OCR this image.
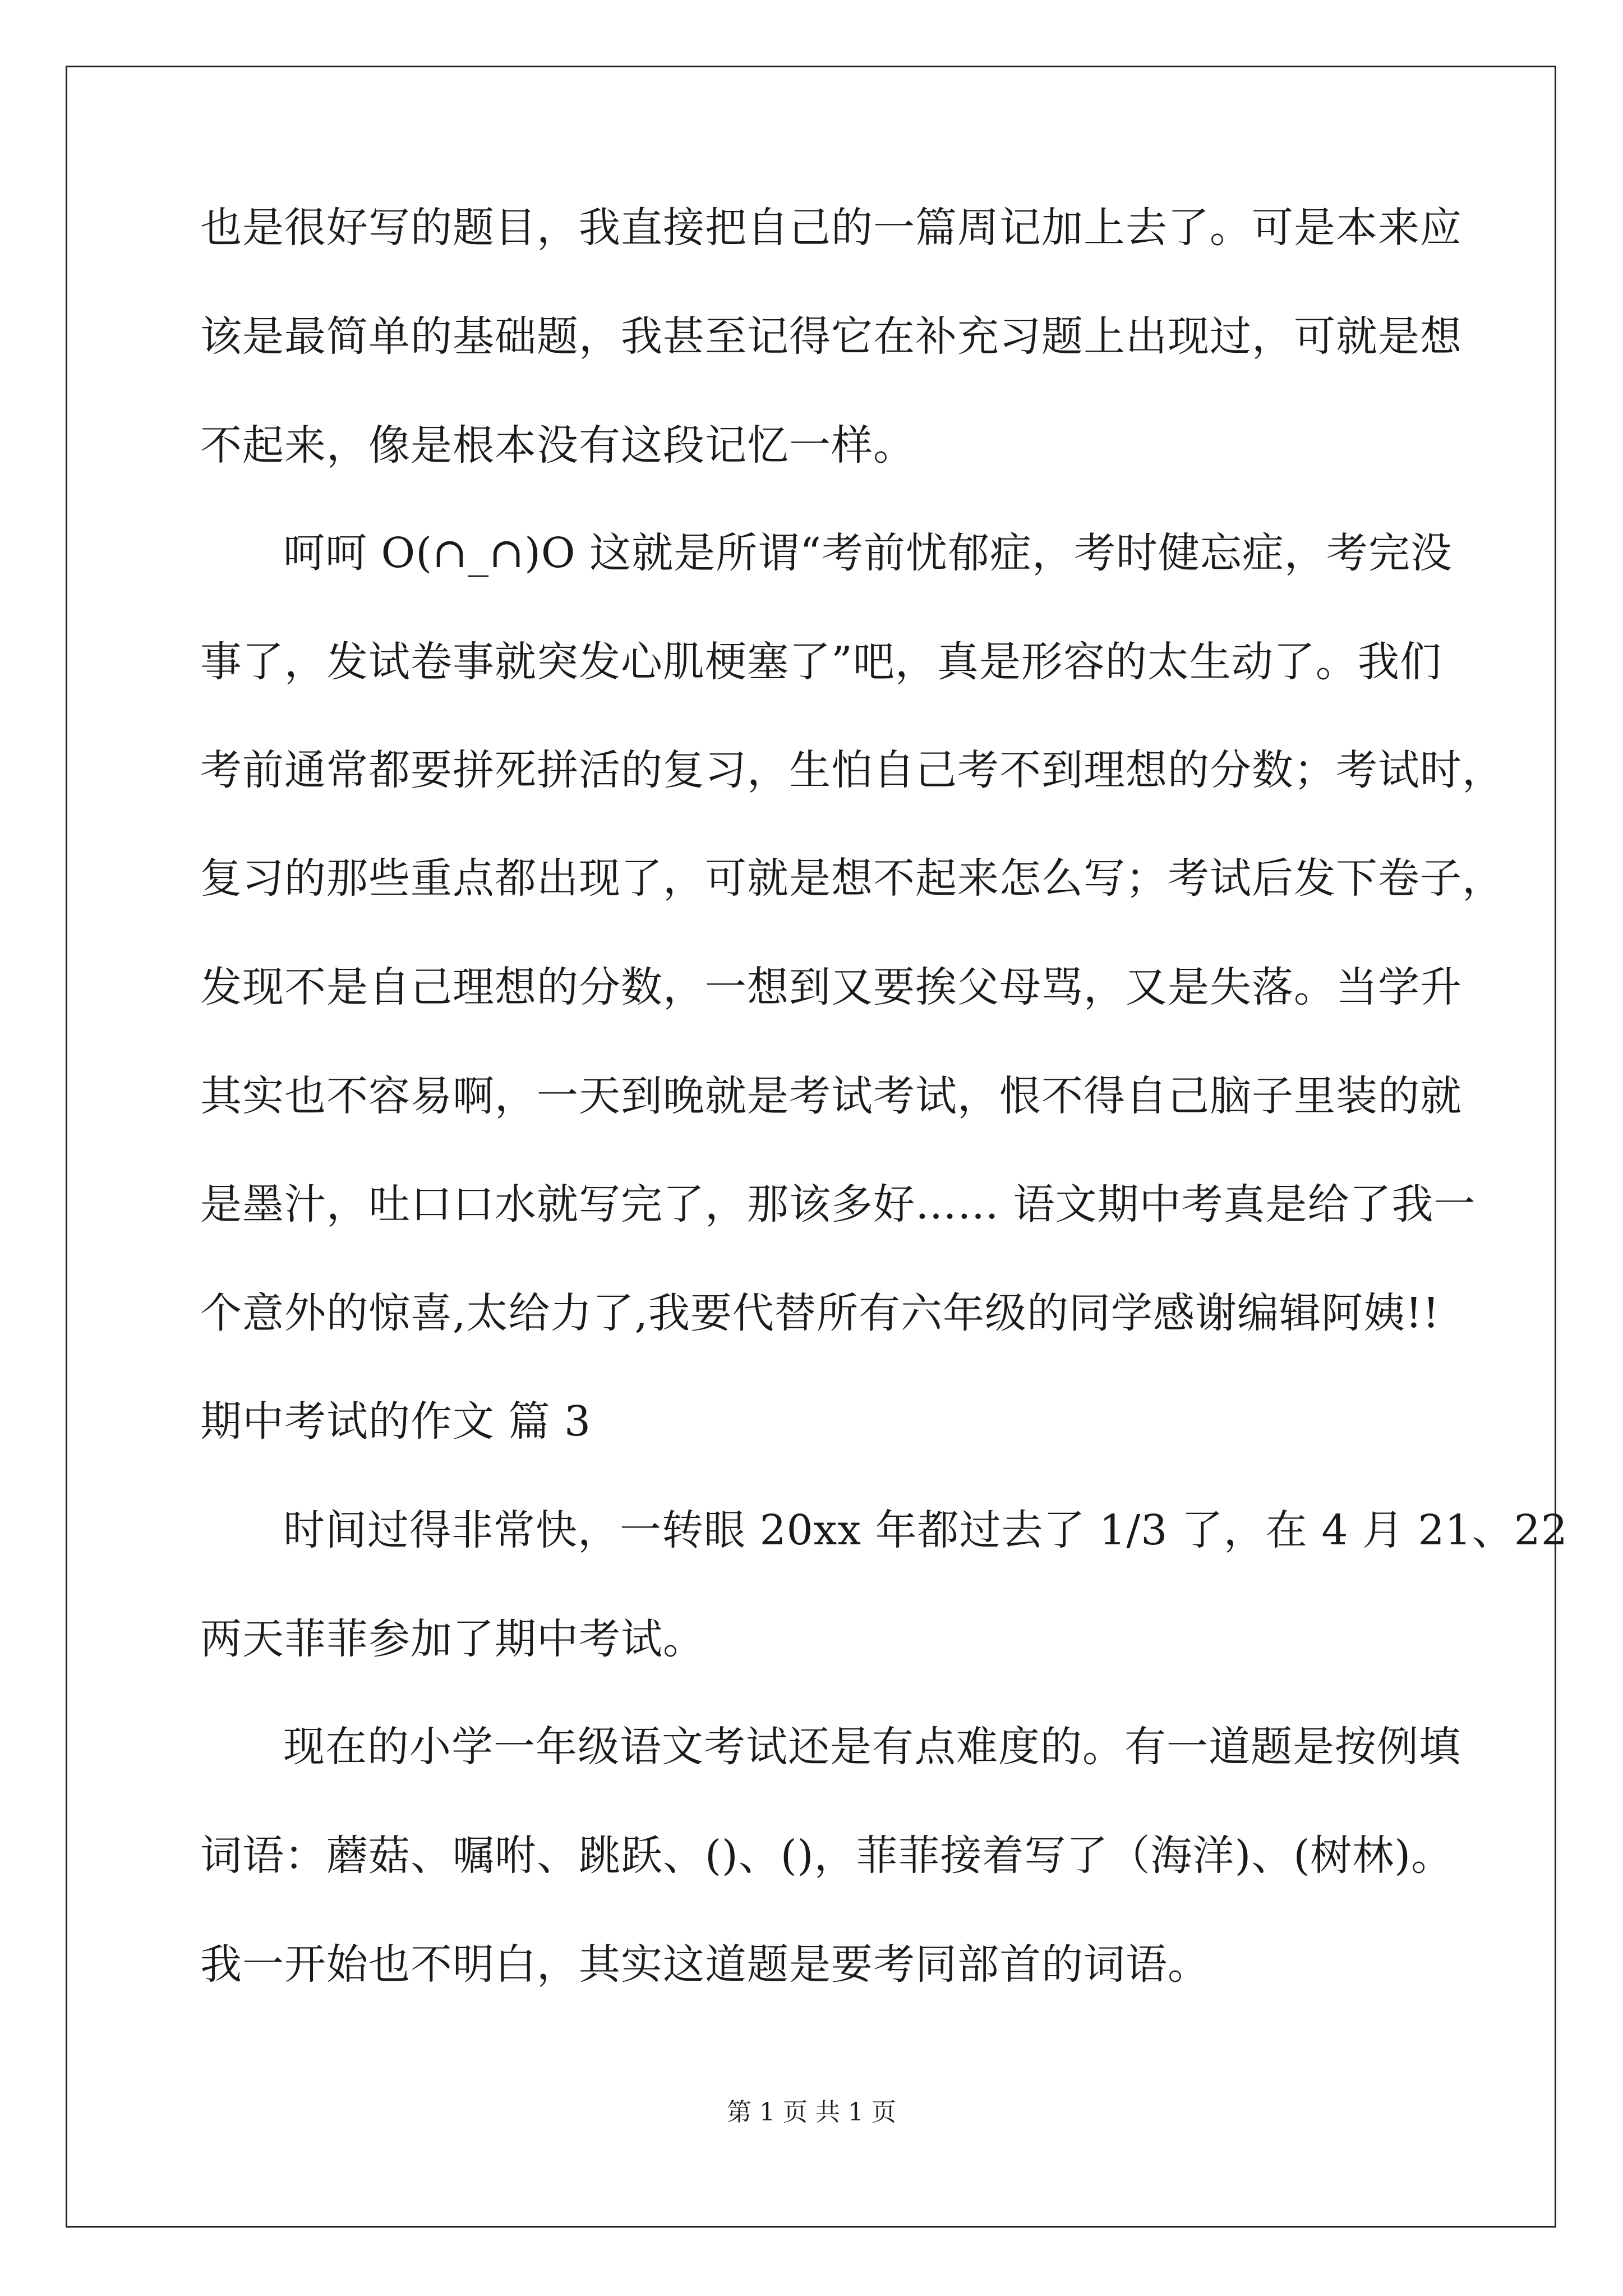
也是很好写的题目，我直接把自己的一篇周记加上去了。可是本来应
该是最简单的基础题，我甚至记得它在补充习题上出现过，可就是想
不起来，像是根本没有这段记忆一样。
呵呵 O(∩_∩)O 这就是所谓“考前忧郁症，考时健忘症，考完没
事了，发试卷事就突发心肌梗塞了”吧，真是形容的太生动了。我们
考前通常都要拼死拼活的复习，生怕自己考不到理想的分数；考试时，
复习的那些重点都出现了，可就是想不起来怎么写；考试后发下卷子，
发现不是自己理想的分数，一想到又要挨父母骂，又是失落。当学升
其实也不容易啊，一天到晚就是考试考试，恨不得自己脑子里装的就
是墨汁，吐口口水就写完了，那该多好…… 语文期中考真是给了我一
个意外的惊喜,太给力了,我要代替所有六年级的同学感谢编辑阿姨!!
期中考试的作文 篇 3
时间过得非常快，一转眼 20xx 年都过去了 1/3 了，在 4 月 21、22
两天菲菲参加了期中考试。
现在的小学一年级语文考试还是有点难度的。有一道题是按例填
词语：蘑菇、嘱咐、跳跃、()、()，菲菲接着写了（海洋)、(树林)。
我一开始也不明白，其实这道题是要考同部首的词语。
第 1 页 共 1 页
